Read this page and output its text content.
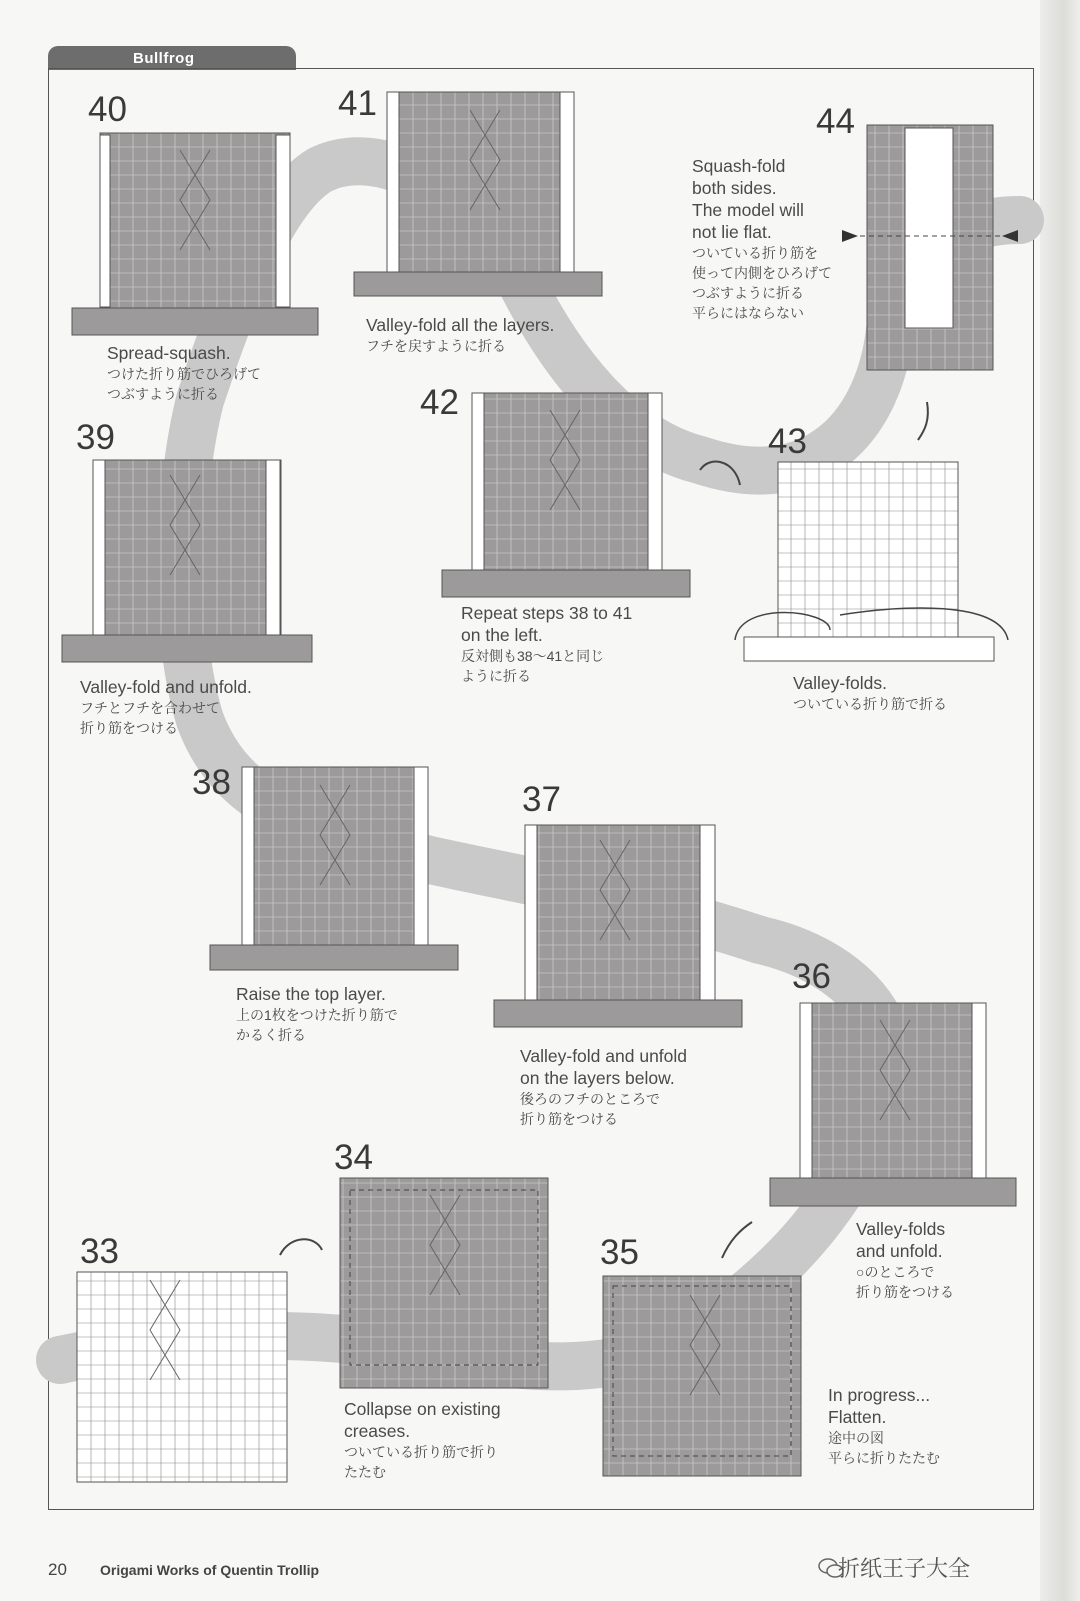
Bullfrog
40	41	44
39
42
43
38	37
36
34
33	35
Spread-squash.
つけた折り筋でひろげて
つぶすように折る
Valley-fold all the layers.
フチを戻すように折る
Squash-fold
both sides.
The model will
not lie flat.
ついている折り筋を
使って内側をひろげて
つぶすように折る
平らにはならない
Valley-fold and unfold.
フチとフチを合わせて
折り筋をつける
Repeat steps 38 to 41
on the left.
反対側も38～41と同じ
ように折る	Valley-folds.
ついている折り筋で折る
Raise the top layer.
上の1枚をつけた折り筋で
かるく折る
Valley-fold and unfold
on the layers below.
後ろのフチのところで
折り筋をつける
Valley-folds
and unfold.
○のところで
折り筋をつける
Collapse on existing
creases.
ついている折り筋で折り
たたむ
In progress...
Flatten.
途中の図
平らに折りたたむ
20 Origami Works of Quentin Trollip	折纸王子大全
